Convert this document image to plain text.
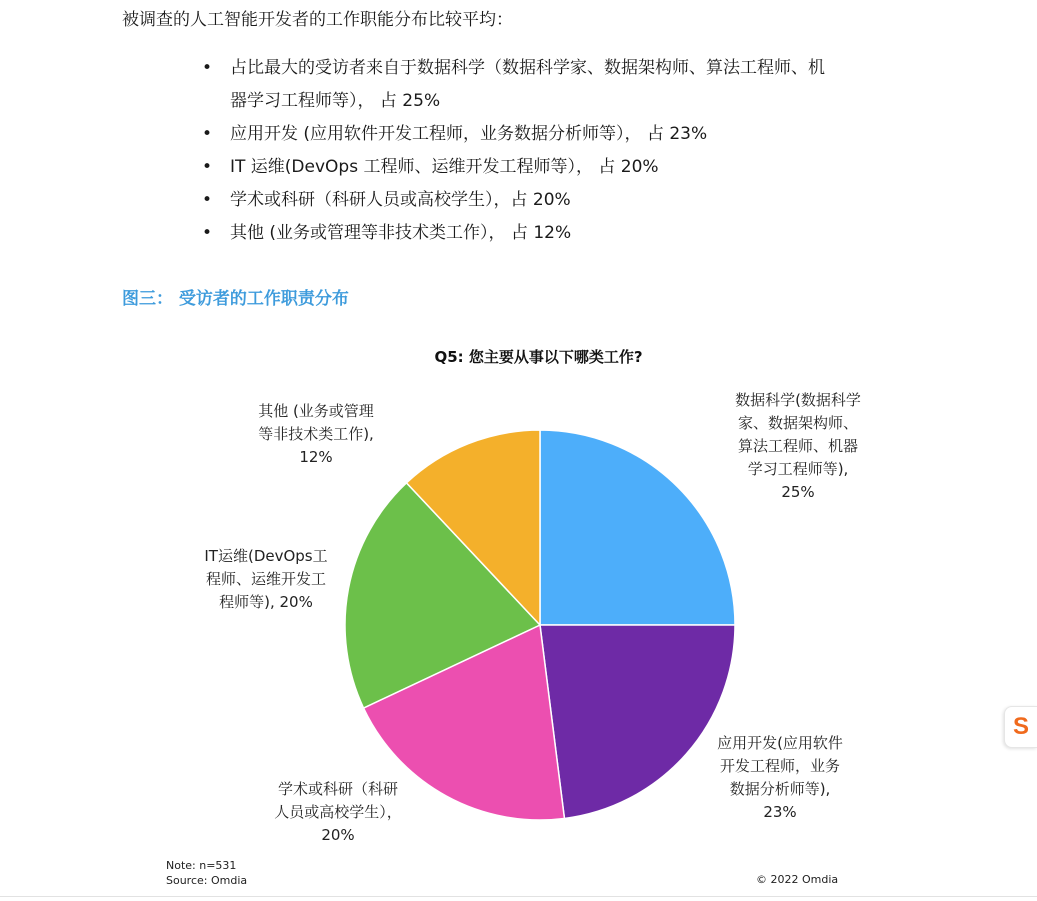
被调查的人工智能开发者的工作职能分布比较平均：
• 占比最大的受访者来自于数据科学（数据科学家、数据架构师、算法工程师、机
器学习工程师等）， 占 25%
• 应用开发 (应用软件开发工程师，业务数据分析师等）， 占 23%
• IT 运维(DevOps 工程师、运维开发工程师等）， 占 20%
• 学术或科研（科研人员或高校学生），占 20%
• 其他 (业务或管理等非技术类工作）， 占 12%
图三： 受访者的工作职责分布
Q5: 您主要从事以下哪类工作?
数据科学(数据科学
家、数据架构师、
算法工程师、机器
学习工程师等),
25%
应用开发(应用软件
开发工程师，业务
数据分析师等),
23%
学术或科研（科研
人员或高校学生），
20%
IT运维(DevOps工
程师、运维开发工
程师等), 20%
其他 (业务或管理
等非技术类工作),
12%
Note: n=531
Source: Omdia	© 2022 Omdia
S
